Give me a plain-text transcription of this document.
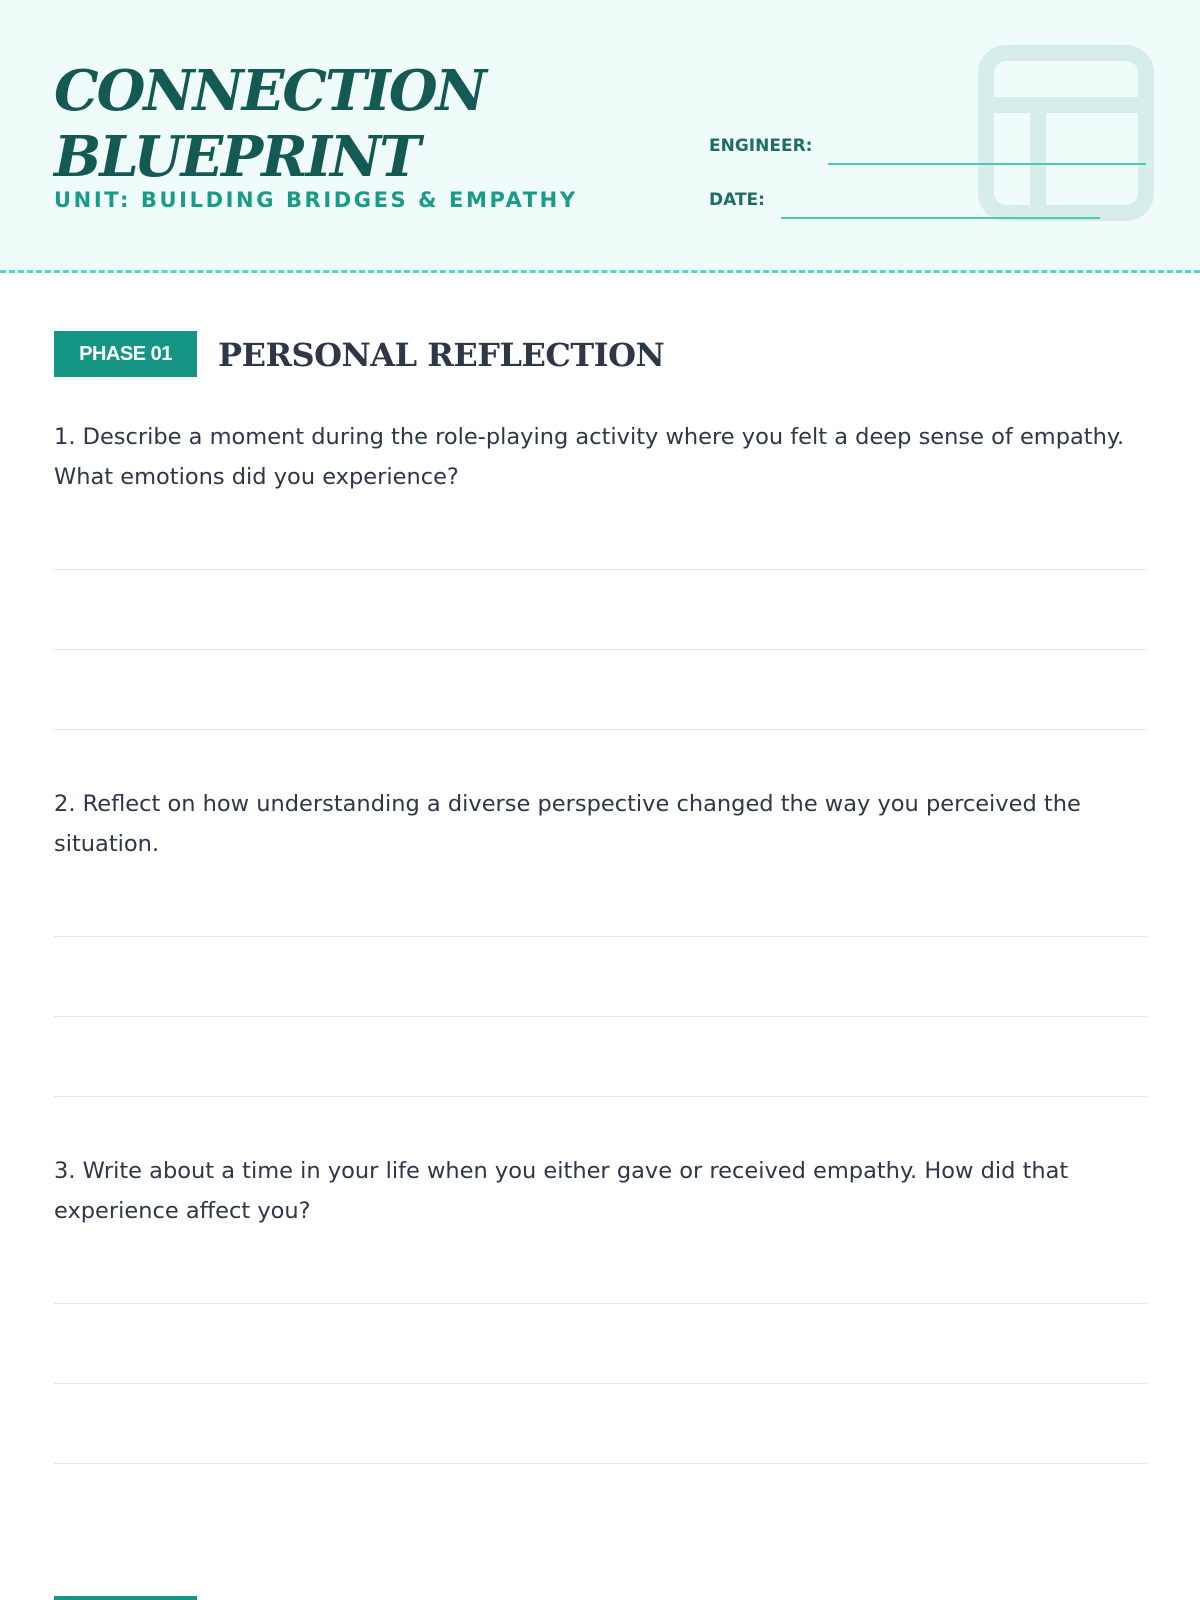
CONNECTION
BLUEPRINT
UNIT: BUILDING BRIDGES & EMPATHY
ENGINEER:
DATE:
PHASE 01	PERSONAL REFLECTION

1. Describe a moment during the role-playing activity where you felt a deep sense of empathy. What emotions did you experience?

2. Reflect on how understanding a diverse perspective changed the way you perceived the situation.

3. Write about a time in your life when you either gave or received empathy. How did that experience affect you?
